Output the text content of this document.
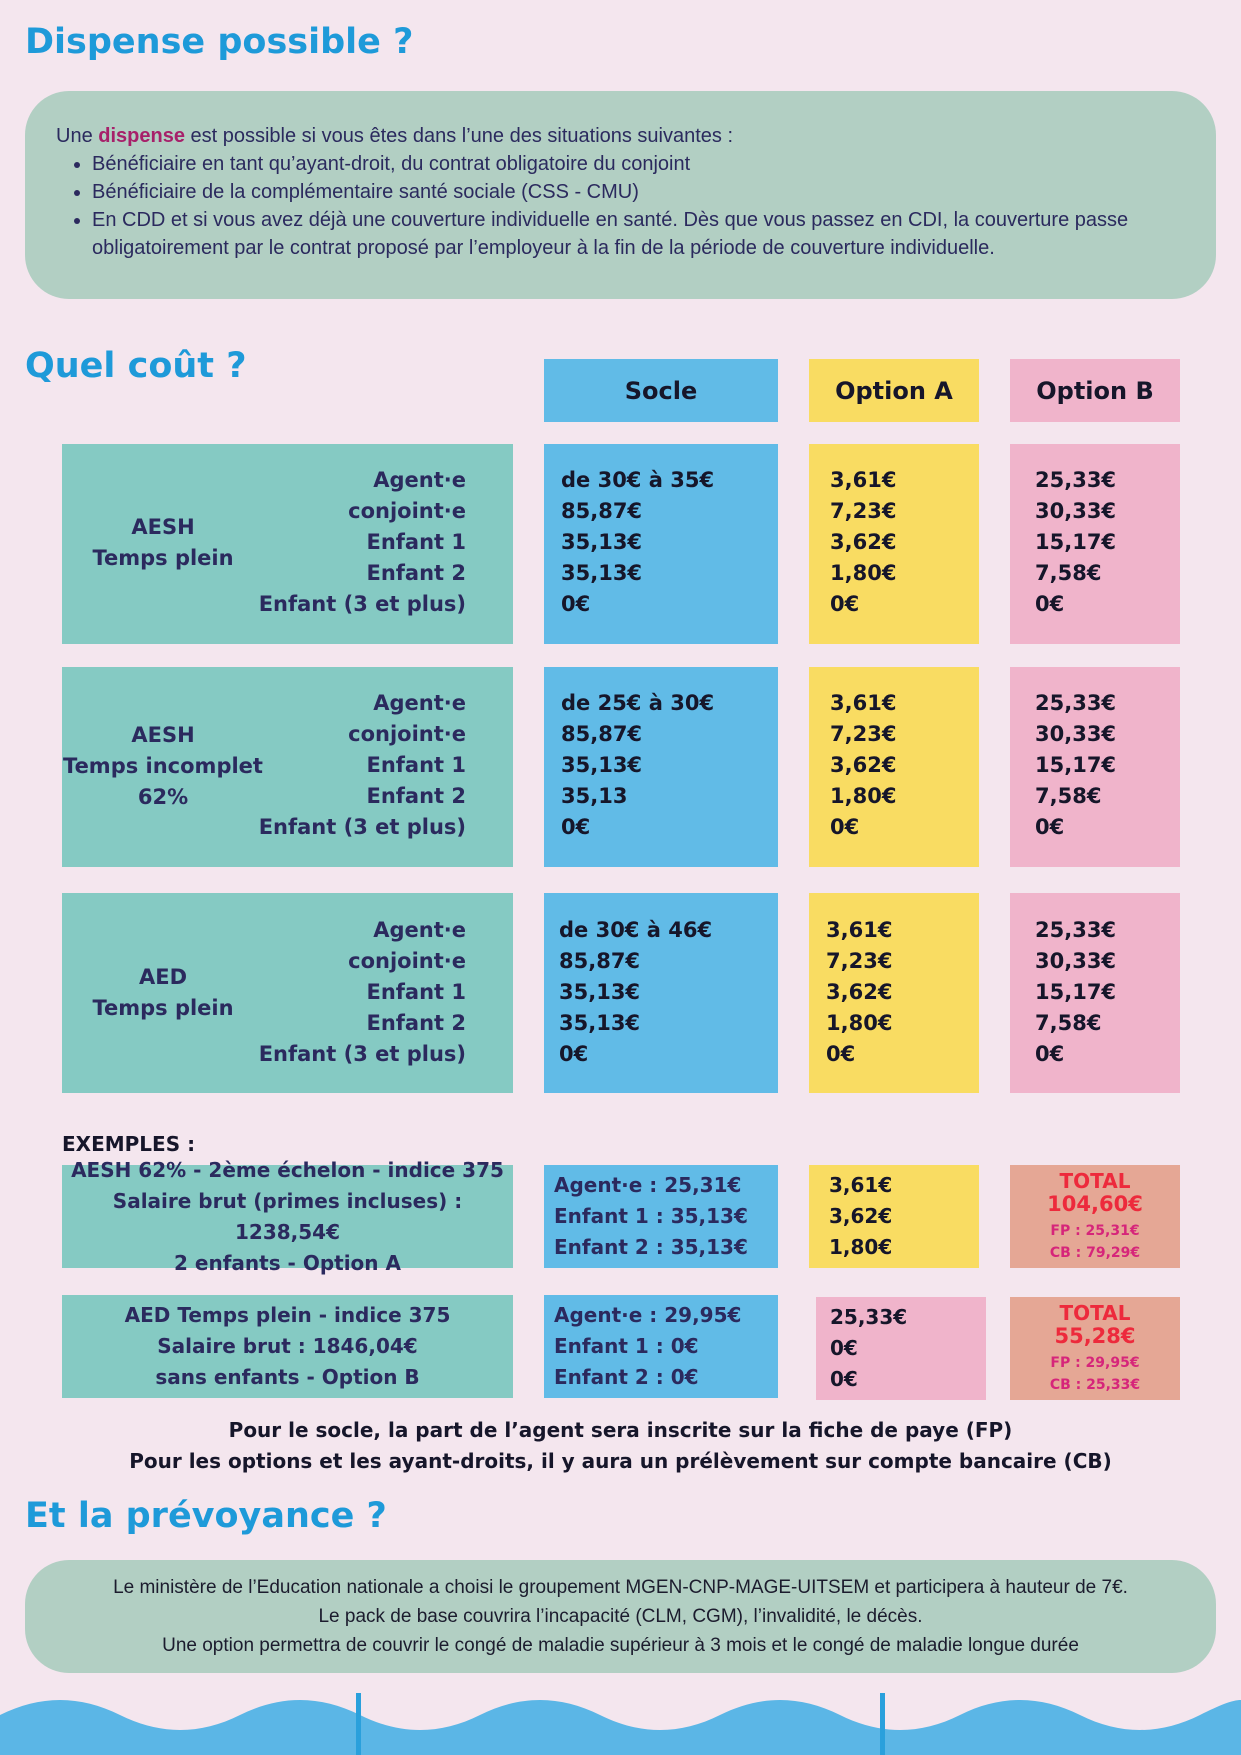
Dispense possible ?
Une dispense est possible si vous êtes dans l’une des situations suivantes :
• Bénéficiaire en tant qu’ayant-droit, du contrat obligatoire du conjoint
• Bénéficiaire de la complémentaire santé sociale (CSS - CMU)
• En CDD et si vous avez déjà une couverture individuelle en santé. Dès que vous passez en CDI, la couverture passe obligatoirement par le contrat proposé par l’employeur à la fin de la période de couverture individuelle.
Quel coût ?
Socle	Option A	Option B
AESH
Temps plein
Agent·e
conjoint·e
Enfant 1
Enfant 2
Enfant (3 et plus)
de 30€ à 35€
85,87€
35,13€
35,13€
0€
3,61€
7,23€
3,62€
1,80€
0€
25,33€
30,33€
15,17€
7,58€
0€
AESH
Temps incomplet
62%
Agent·e
conjoint·e
Enfant 1
Enfant 2
Enfant (3 et plus)
de 25€ à 30€
85,87€
35,13€
35,13
0€
3,61€
7,23€
3,62€
1,80€
0€
25,33€
30,33€
15,17€
7,58€
0€
AED
Temps plein
Agent·e
conjoint·e
Enfant 1
Enfant 2
Enfant (3 et plus)
de 30€ à 46€
85,87€
35,13€
35,13€
0€
3,61€
7,23€
3,62€
1,80€
0€
25,33€
30,33€
15,17€
7,58€
0€
EXEMPLES :
AESH 62% - 2ème échelon - indice 375
Salaire brut (primes incluses) : 1238,54€
2 enfants - Option A
Agent·e : 25,31€
Enfant 1 : 35,13€
Enfant 2 : 35,13€
3,61€
3,62€
1,80€
TOTAL
104,60€
FP : 25,31€
CB : 79,29€
AED Temps plein - indice 375
Salaire brut : 1846,04€
sans enfants - Option B
Agent·e : 29,95€
Enfant 1 : 0€
Enfant 2 : 0€
25,33€
0€
0€
TOTAL
55,28€
FP : 29,95€
CB : 25,33€
Pour le socle, la part de l’agent sera inscrite sur la fiche de paye (FP)
Pour les options et les ayant-droits, il y aura un prélèvement sur compte bancaire (CB)
Et la prévoyance ?
Le ministère de l’Education nationale a choisi le groupement MGEN-CNP-MAGE-UITSEM et participera à hauteur de 7€.
Le pack de base couvrira l’incapacité (CLM, CGM), l’invalidité, le décès.
Une option permettra de couvrir le congé de maladie supérieur à 3 mois et le congé de maladie longue durée
